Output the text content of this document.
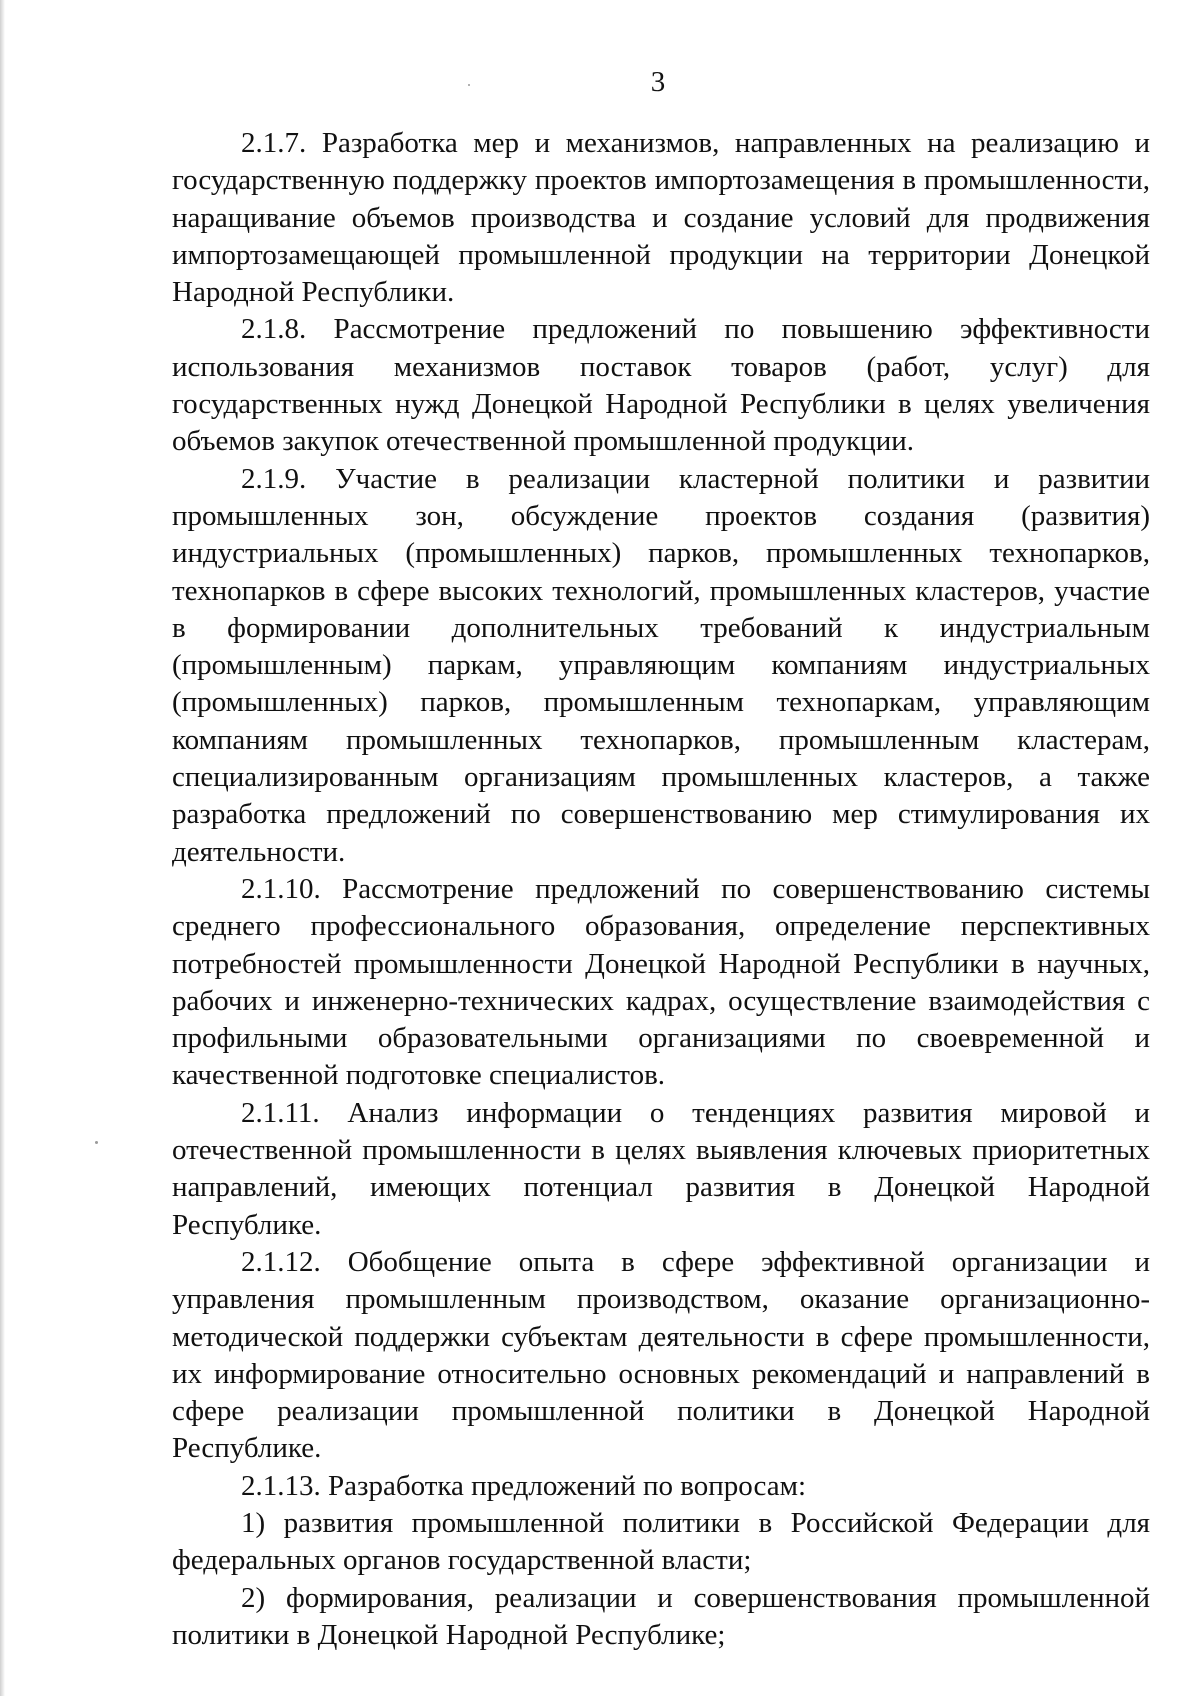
3

2.1.7. Разработка мер и механизмов, направленных на реализацию и государственную поддержку проектов импортозамещения в промышленности, наращивание объемов производства и создание условий для продвижения импортозамещающей промышленной продукции на территории Донецкой Народной Республики.

2.1.8. Рассмотрение предложений по повышению эффективности использования механизмов поставок товаров (работ, услуг) для государственных нужд Донецкой Народной Республики в целях увеличения объемов закупок отечественной промышленной продукции.

2.1.9. Участие в реализации кластерной политики и развитии промышленных зон, обсуждение проектов создания (развития) индустриальных (промышленных) парков, промышленных технопарков, технопарков в сфере высоких технологий, промышленных кластеров, участие в формировании дополнительных требований к индустриальным (промышленным) паркам, управляющим компаниям индустриальных (промышленных) парков, промышленным технопаркам, управляющим компаниям промышленных технопарков, промышленным кластерам, специализированным организациям промышленных кластеров, а также разработка предложений по совершенствованию мер стимулирования их деятельности.

2.1.10. Рассмотрение предложений по совершенствованию системы среднего профессионального образования, определение перспективных потребностей промышленности Донецкой Народной Республики в научных, рабочих и инженерно-технических кадрах, осуществление взаимодействия с профильными образовательными организациями по своевременной и качественной подготовке специалистов.

2.1.11. Анализ информации о тенденциях развития мировой и отечественной промышленности в целях выявления ключевых приоритетных направлений, имеющих потенциал развития в Донецкой Народной Республике.

2.1.12. Обобщение опыта в сфере эффективной организации и управления промышленным производством, оказание организационно-методической поддержки субъектам деятельности в сфере промышленности, их информирование относительно основных рекомендаций и направлений в сфере реализации промышленной политики в Донецкой Народной Республике.

2.1.13. Разработка предложений по вопросам:

1) развития промышленной политики в Российской Федерации для федеральных органов государственной власти;

2) формирования, реализации и совершенствования промышленной политики в Донецкой Народной Республике;
